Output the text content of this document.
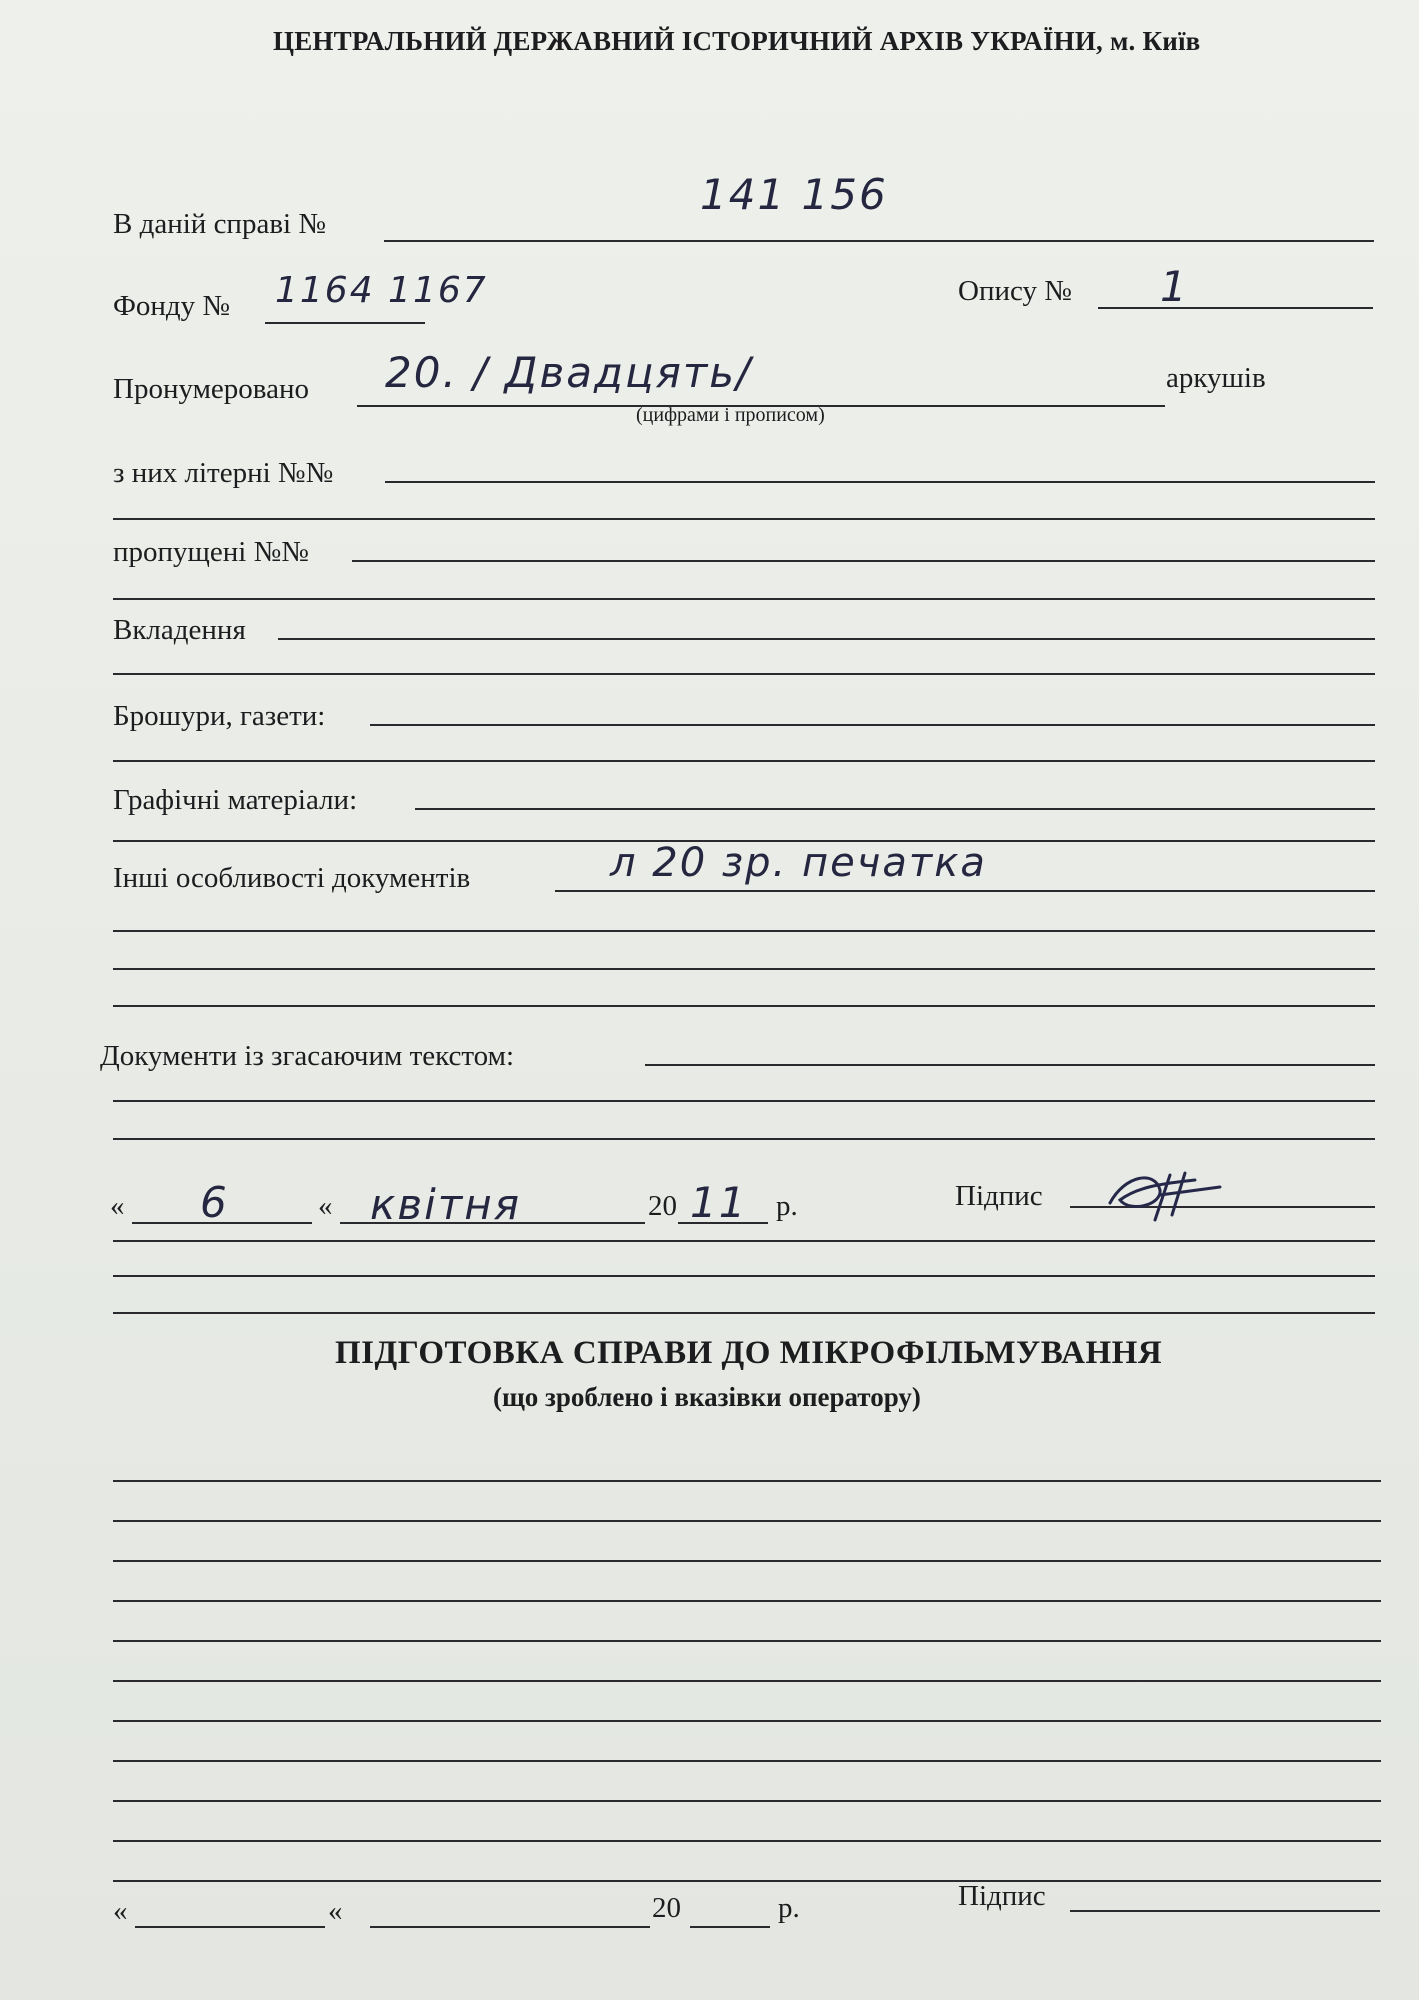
ЦЕНТРАЛЬНИЙ ДЕРЖАВНИЙ ІСТОРИЧНИЙ АРХІВ УКРАЇНИ, м. Київ
В даній справі №
141 156
Фонду № 1164 1167	Опису № 1
Пронумеровано 20. / Двадцять/	аркушів
(цифрами і прописом)
з них літерні №№
пропущені №№
Вкладення
Брошури, газети:
Графічні матеріали:
Інші особливості документів	л 20 зр. печатка
Документи із згасаючим текстом:
« 6	« квітня	20 11 р.	Підпис
ПІДГОТОВКА СПРАВИ ДО МІКРОФІЛЬМУВАННЯ
(що зроблено і вказівки оператору)
«	«	20	р.	Підпис
